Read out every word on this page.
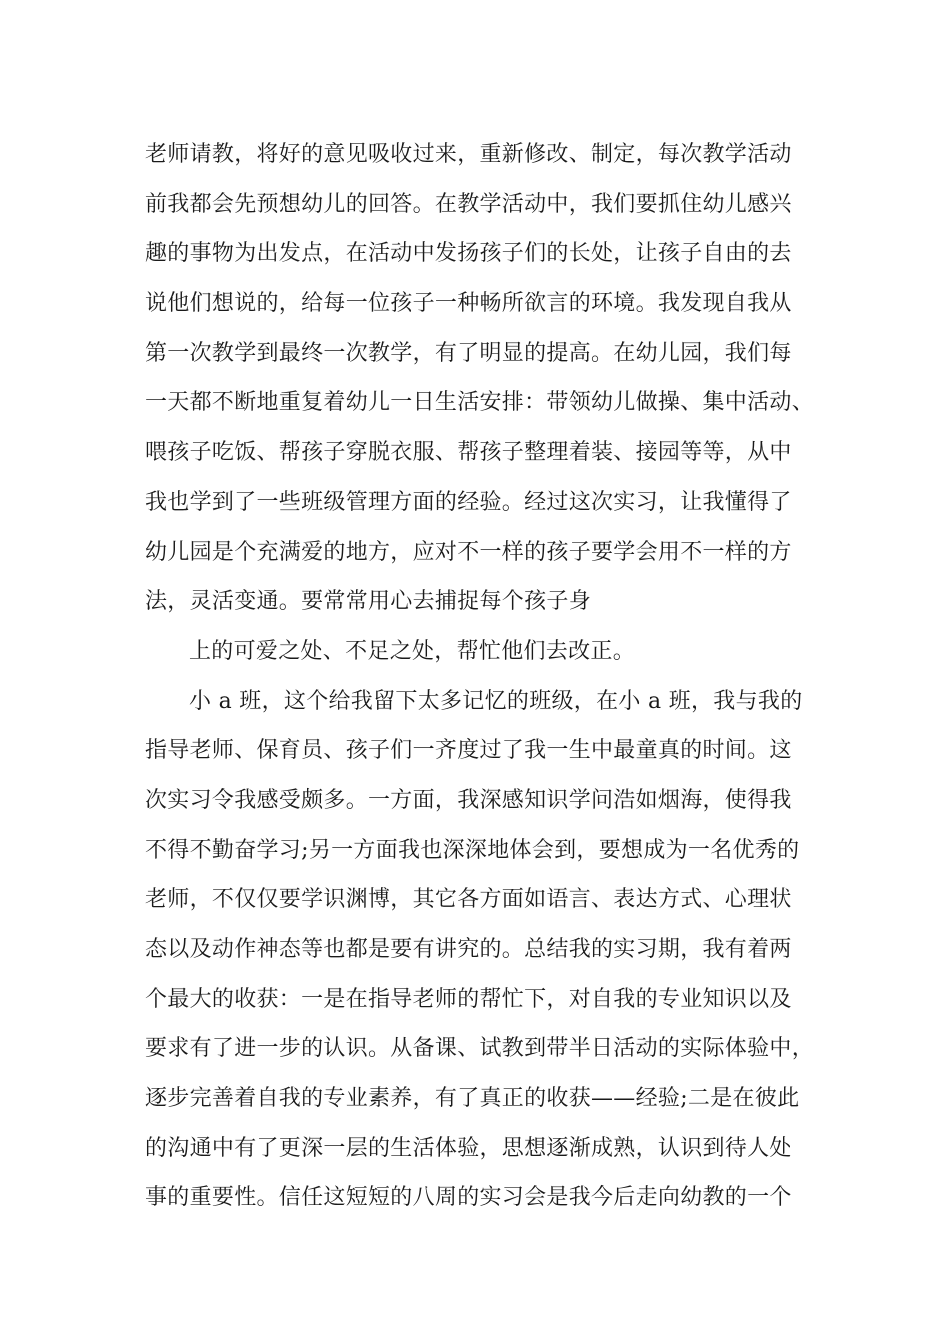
老师请教，将好的意见吸收过来，重新修改、制定，每次教学活动
前我都会先预想幼儿的回答。在教学活动中，我们要抓住幼儿感兴
趣的事物为出发点，在活动中发扬孩子们的长处，让孩子自由的去
说他们想说的，给每一位孩子一种畅所欲言的环境。我发现自我从
第一次教学到最终一次教学，有了明显的提高。在幼儿园，我们每
一天都不断地重复着幼儿一日生活安排：带领幼儿做操、集中活动、
喂孩子吃饭、帮孩子穿脱衣服、帮孩子整理着装、接园等等，从中
我也学到了一些班级管理方面的经验。经过这次实习，让我懂得了
幼儿园是个充满爱的地方，应对不一样的孩子要学会用不一样的方
法，灵活变通。要常常用心去捕捉每个孩子身
上的可爱之处、不足之处，帮忙他们去改正。
小 a 班，这个给我留下太多记忆的班级，在小 a 班，我与我的
指导老师、保育员、孩子们一齐度过了我一生中最童真的时间。这
次实习令我感受颇多。一方面，我深感知识学问浩如烟海，使得我
不得不勤奋学习;另一方面我也深深地体会到，要想成为一名优秀的
老师，不仅仅要学识渊博，其它各方面如语言、表达方式、心理状
态以及动作神态等也都是要有讲究的。总结我的实习期，我有着两
个最大的收获：一是在指导老师的帮忙下，对自我的专业知识以及
要求有了进一步的认识。从备课、试教到带半日活动的实际体验中，
逐步完善着自我的专业素养，有了真正的收获——经验;二是在彼此
的沟通中有了更深一层的生活体验，思想逐渐成熟，认识到待人处
事的重要性。信任这短短的八周的实习会是我今后走向幼教的一个
